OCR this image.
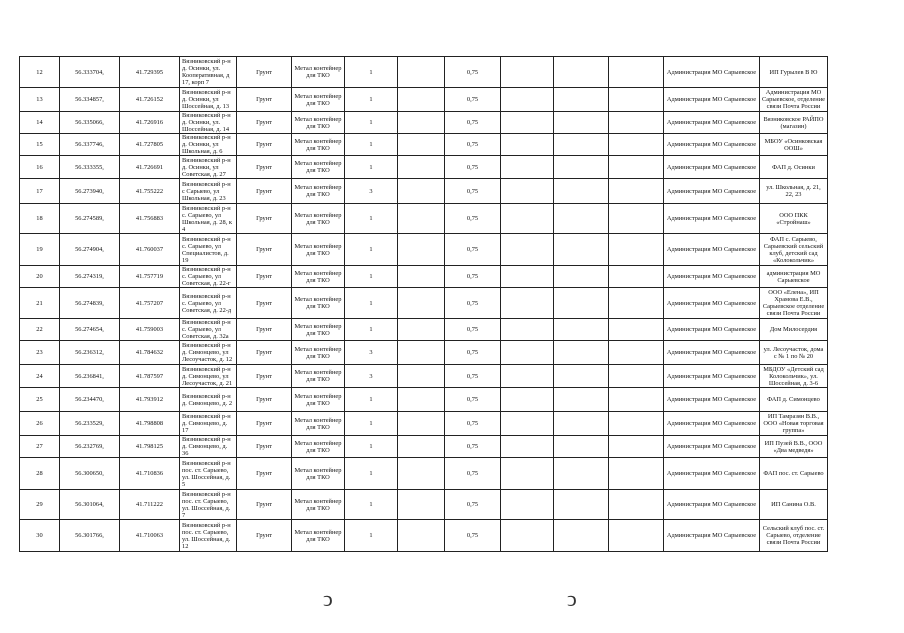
12	56.333704,	41.729395	Вязниковский р-н д. Осинки, ул. Кооперативная, д 17, корп 7	Грунт	Метал контейнер для ТКО	1		0,75				Администрация МО Сарыевское	ИП Гурылев В Ю
13	56.334857,	41.726152	Вязниковский р-н д. Осинки, ул Шоссейная, д. 13	Грунт	Метал контейнер для ТКО	1		0,75				Администрация МО Сарыевское	Администрация МО Сарыевское, отделение связи Почта России
14	56.335066,	41.726916	Вязниковский р-н д. Осинки, ул. Шоссейная, д. 14	Грунт	Метал контейнер для ТКО	1		0,75				Администрация МО Сарыевское	Вязниковское РАЙПО (магазин)
15	56.337746,	41.727805	Вязниковский р-н д. Осинки, ул Школьная, д. 6	Грунт	Метал контейнер для ТКО	1		0,75				Администрация МО Сарыевское	МБОУ «Осинковская ООШ»
16	56.333355,	41.726691	Вязниковский р-н д. Осинки, ул Советская, д. 27	Грунт	Метал контейнер для ТКО	1		0,75				Администрация МО Сарыевское	ФАП д. Осинки
17	56.273940,	41.755222	Вязниковский р-н с Сарыево, ул Школьная, д. 23	Грунт	Метал контейнер для ТКО	3		0,75				Администрация МО Сарыевское	ул. Школьная, д. 21, 22, 23
18	56.274589,	41.756883	Вязниковский р-н с. Сарыево, ул Школьная, д. 28, к 4	Грунт	Метал контейнер для ТКО	1		0,75				Администрация МО Сарыевское	ООО ПКК «Стройнаш»
19	56.274904,	41.760037	Вязниковский р-н с. Сарыево, ул Специалистов, д. 19	Грунт	Метал контейнер для ТКО	1		0,75				Администрация МО Сарыевское	ФАП с. Сарыево, Сарыевский сельский клуб, детский сад «Колокольчик»
20	56.274319,	41.757719	Вязниковский р-н с. Сарыево, ул Советская, д. 22-г	Грунт	Метал контейнер для ТКО	1		0,75				Администрация МО Сарыевское	администрация МО Сарыевское
21	56.274839,	41.757207	Вязниковский р-н с. Сарыево, ул Советская, д. 22-д	Грунт	Метал контейнер для ТКО	1		0,75				Администрация МО Сарыевское	ООО «Елена», ИП Храмова Е.В., Сарыевское отделение связи Почта России
22	56.274654,	41.759003	Вязниковский р-н с. Сарыево, ул Советская, д. 32а	Грунт	Метал контейнер для ТКО	1		0,75				Администрация МО Сарыевское	Дом Милосердия
23	56.236312,	41.784632	Вязниковский р-н д. Симонцево, ул Лесоучасток, д. 12	Грунт	Метал контейнер для ТКО	3		0,75				Администрация МО Сарыевское	ул. Лесоучасток, дома с № 1 по № 20
24	56.236841,	41.787597	Вязниковский р-н д. Симонцево, ул Лесоучасток, д. 21	Грунт	Метал контейнер для ТКО	3		0,75				Администрация МО Сарыевское	МБДОУ «Детский сад Колокольчик», ул. Шоссейная, д. 3-6
25	56.234470,	41.793912	Вязниковский р-н д. Симонцево, д. 2	Грунт	Метал контейнер для ТКО	1		0,75				Администрация МО Сарыевское	ФАП д. Симонцево
26	56.233529,	41.798808	Вязниковский р-н д. Симонцево, д. 17	Грунт	Метал контейнер для ТКО	1		0,75				Администрация МО Сарыевское	ИП Тамразян В.В., ООО «Новая торговая группа»
27	56.232769,	41.798125	Вязниковский р-н д. Симонцево, д. 36	Грунт	Метал контейнер для ТКО	1		0,75				Администрация МО Сарыевское	ИП Пузей В.В., ООО «Два медведя»
28	56.300650,	41.710836	Вязниковский р-н пос. ст. Сарыево, ул. Шоссейная, д. 5	Грунт	Метал контейнер для ТКО	1		0,75				Администрация МО Сарыевское	ФАП пос. ст. Сарыево
29	56.301064,	41.711222	Вязниковский р-н пос. ст. Сарыево, ул. Шоссейная, д. 7	Грунт	Метал контейнер для ТКО	1		0,75				Администрация МО Сарыевское	ИП Санина О.В.
30	56.301766,	41.710063	Вязниковский р-н пос. ст. Сарыево, ул. Шоссейная, д. 12	Грунт	Метал контейнер для ТКО	1		0,75				Администрация МО Сарыевское	Сельский клуб пос. ст. Сарыево, отделение связи Почта России
ↄ	ↄ
